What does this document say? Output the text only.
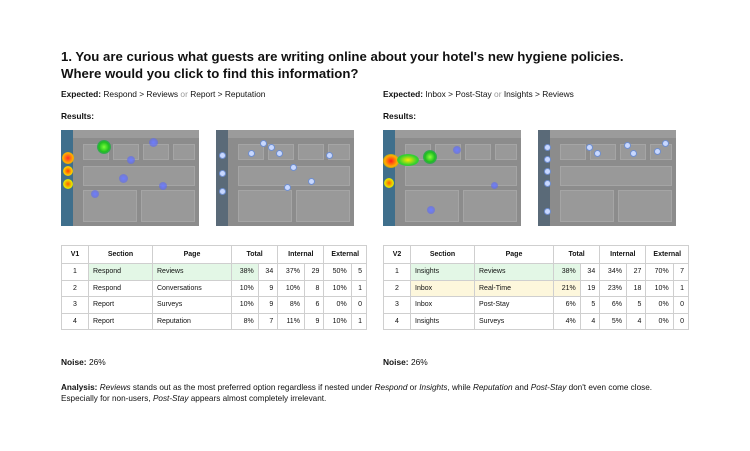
1. You are curious what guests are writing online about your hotel's new hygiene policies.
Where would you click to find this information?
Expected: Respond > Reviews or Report > Reputation
Results:
V1	Section	Page	Total		Internal		External	
1	Respond	Reviews	38%	34	37%	29	50%	5
2	Respond	Conversations	10%	9	10%	8	10%	1
3	Report	Surveys	10%	9	8%	6	0%	0
4	Report	Reputation	8%	7	11%	9	10%	1
Noise: 26%
Expected: Inbox > Post-Stay or Insights > Reviews
Results:
V2	Section	Page	Total		Internal		External	
1	Insights	Reviews	38%	34	34%	27	70%	7
2	Inbox	Real-Time	21%	19	23%	18	10%	1
3	Inbox	Post-Stay	6%	5	6%	5	0%	0
4	Insights	Surveys	4%	4	5%	4	0%	0
Noise: 26%
Analysis: Reviews stands out as the most preferred option regardless if nested under Respond or Insights, while Reputation and Post-Stay don't even come close.
Especially for non-users, Post-Stay appears almost completely irrelevant.
